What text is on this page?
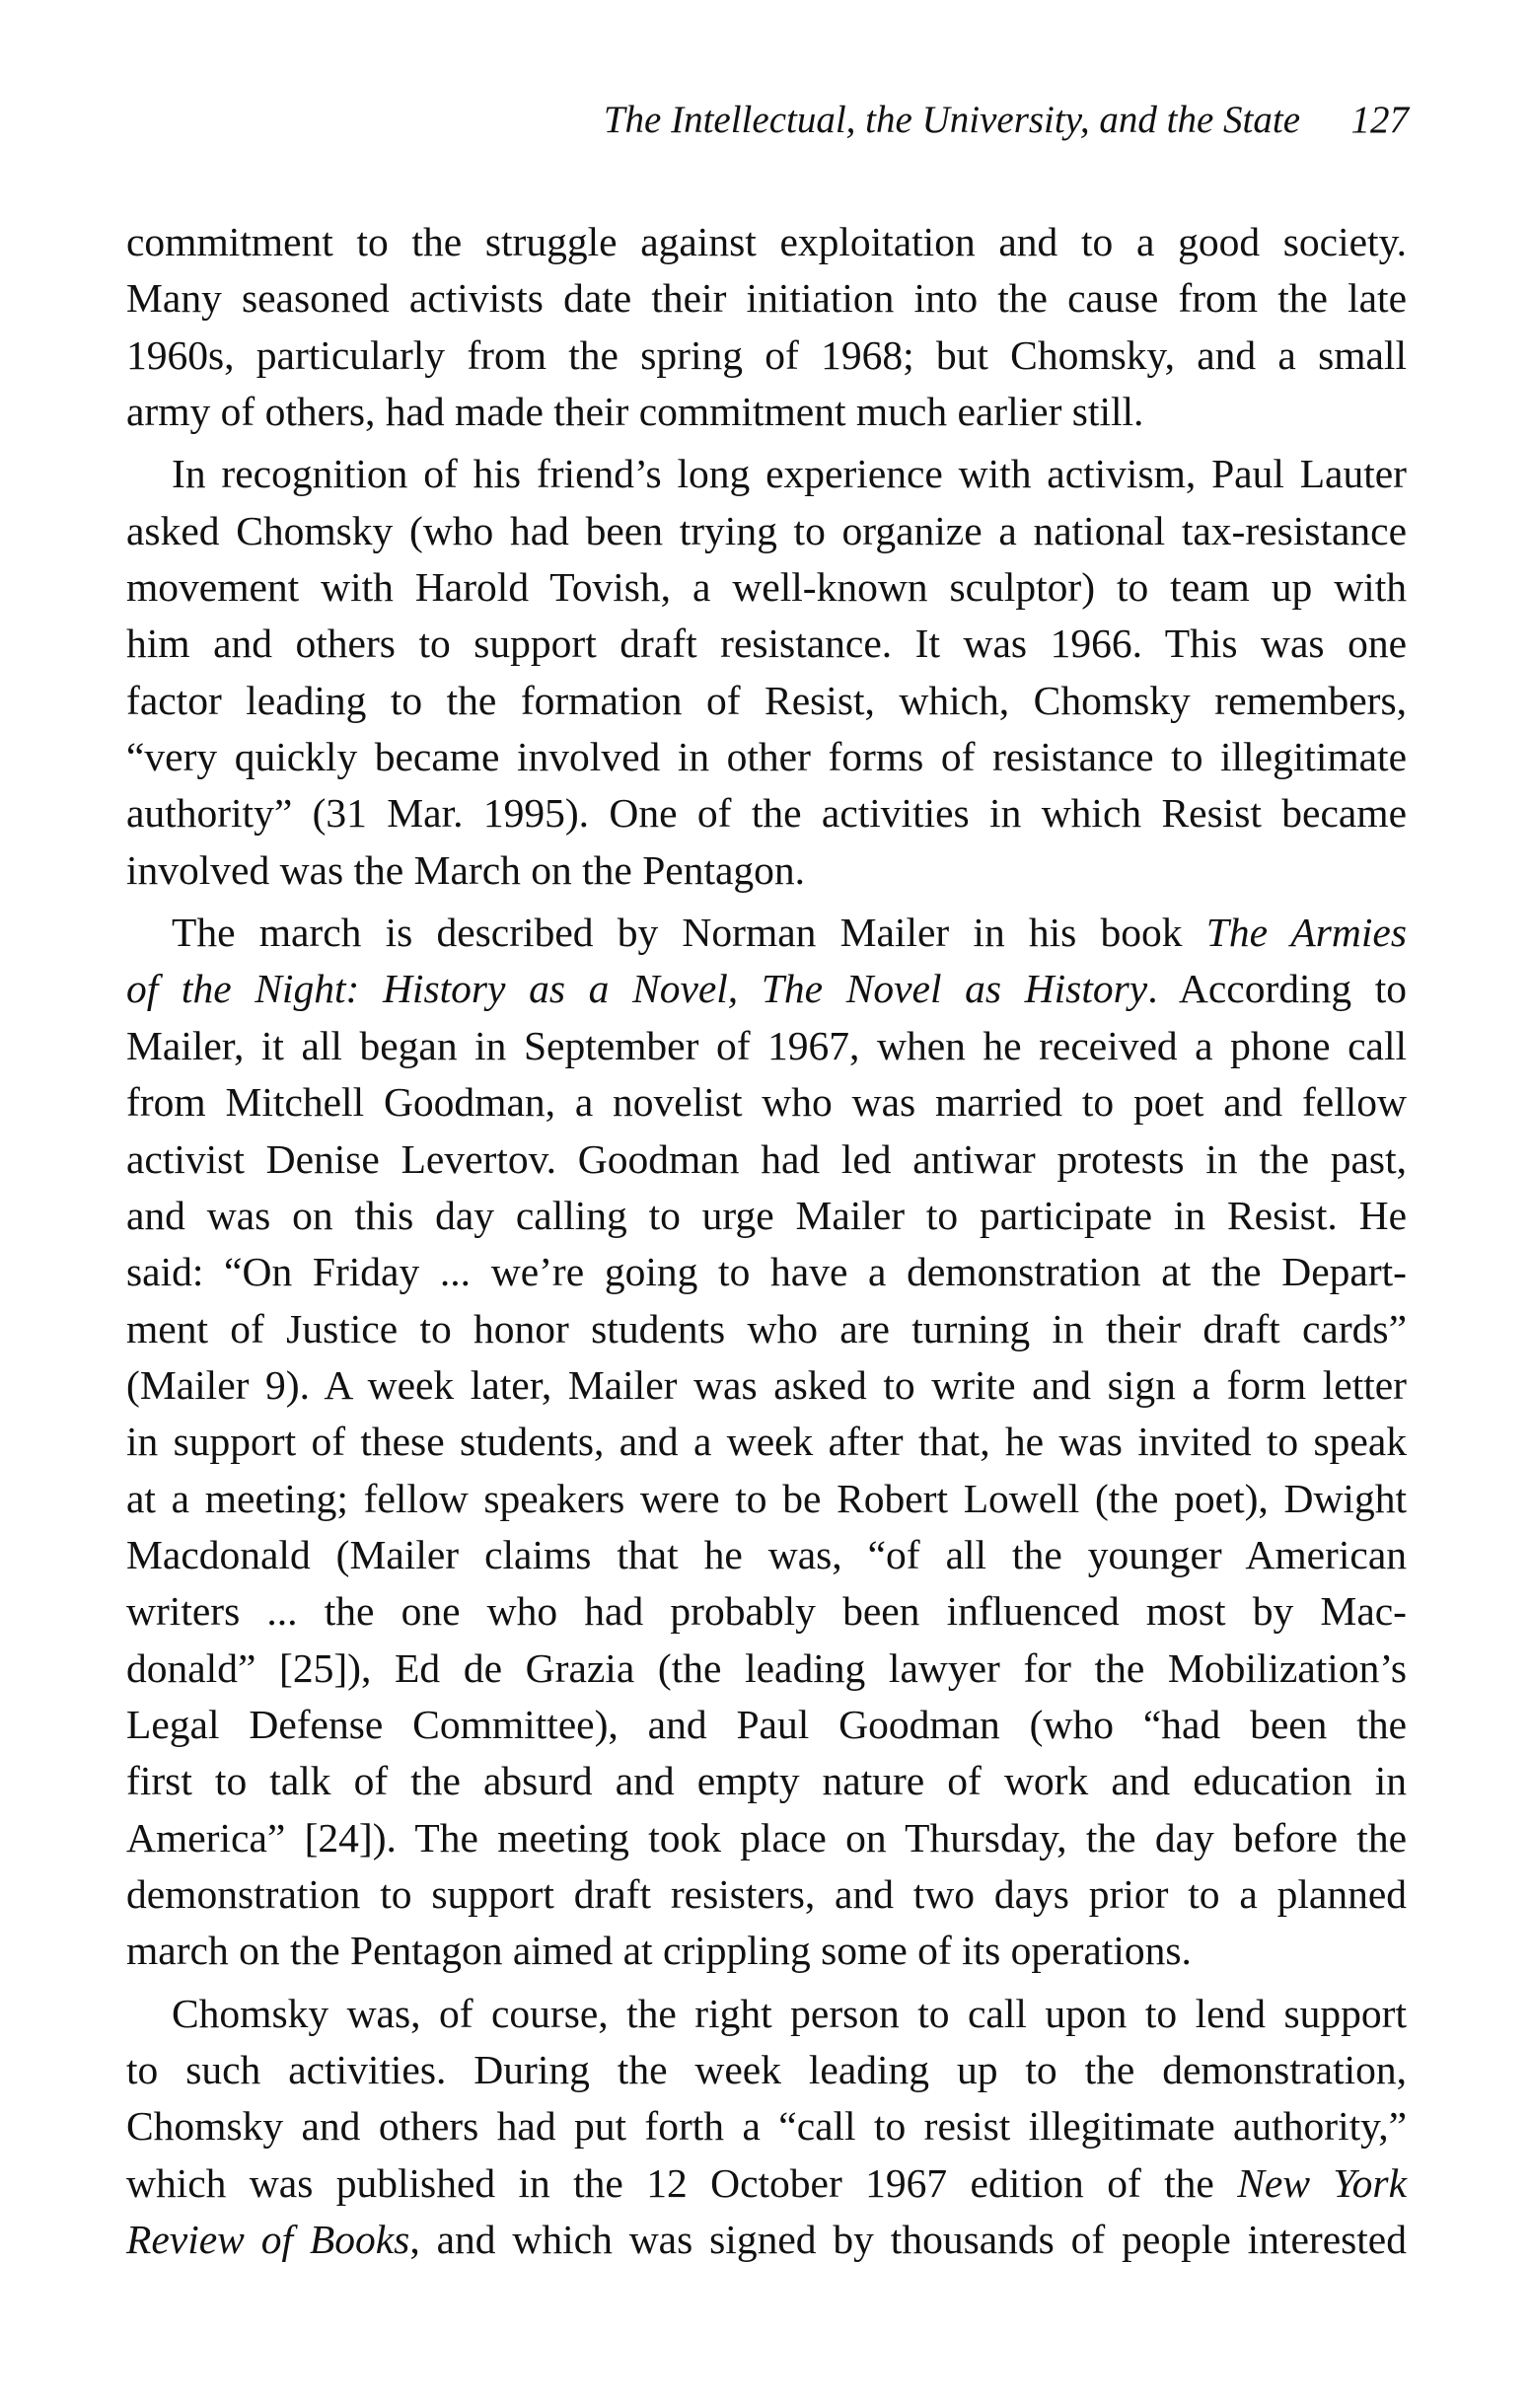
The Intellectual, the University, and the State 127
commitment to the struggle against exploitation and to a good society.
Many seasoned activists date their initiation into the cause from the late
1960s, particularly from the spring of 1968; but Chomsky, and a small
army of others, had made their commitment much earlier still.
In recognition of his friend’s long experience with activism, Paul Lauter
asked Chomsky (who had been trying to organize a national tax-resistance
movement with Harold Tovish, a well-known sculptor) to team up with
him and others to support draft resistance. It was 1966. This was one
factor leading to the formation of Resist, which, Chomsky remembers,
“very quickly became involved in other forms of resistance to illegitimate
authority” (31 Mar. 1995). One of the activities in which Resist became
involved was the March on the Pentagon.
The march is described by Norman Mailer in his book The Armies
of the Night: History as a Novel, The Novel as History. According to
Mailer, it all began in September of 1967, when he received a phone call
from Mitchell Goodman, a novelist who was married to poet and fellow
activist Denise Levertov. Goodman had led antiwar protests in the past,
and was on this day calling to urge Mailer to participate in Resist. He
said: “On Friday ... we’re going to have a demonstration at the Depart-
ment of Justice to honor students who are turning in their draft cards”
(Mailer 9). A week later, Mailer was asked to write and sign a form letter
in support of these students, and a week after that, he was invited to speak
at a meeting; fellow speakers were to be Robert Lowell (the poet), Dwight
Macdonald (Mailer claims that he was, “of all the younger American
writers ... the one who had probably been influenced most by Mac-
donald” [25]), Ed de Grazia (the leading lawyer for the Mobilization’s
Legal Defense Committee), and Paul Goodman (who “had been the
first to talk of the absurd and empty nature of work and education in
America” [24]). The meeting took place on Thursday, the day before the
demonstration to support draft resisters, and two days prior to a planned
march on the Pentagon aimed at crippling some of its operations.
Chomsky was, of course, the right person to call upon to lend support
to such activities. During the week leading up to the demonstration,
Chomsky and others had put forth a “call to resist illegitimate authority,”
which was published in the 12 October 1967 edition of the New York
Review of Books, and which was signed by thousands of people interested
